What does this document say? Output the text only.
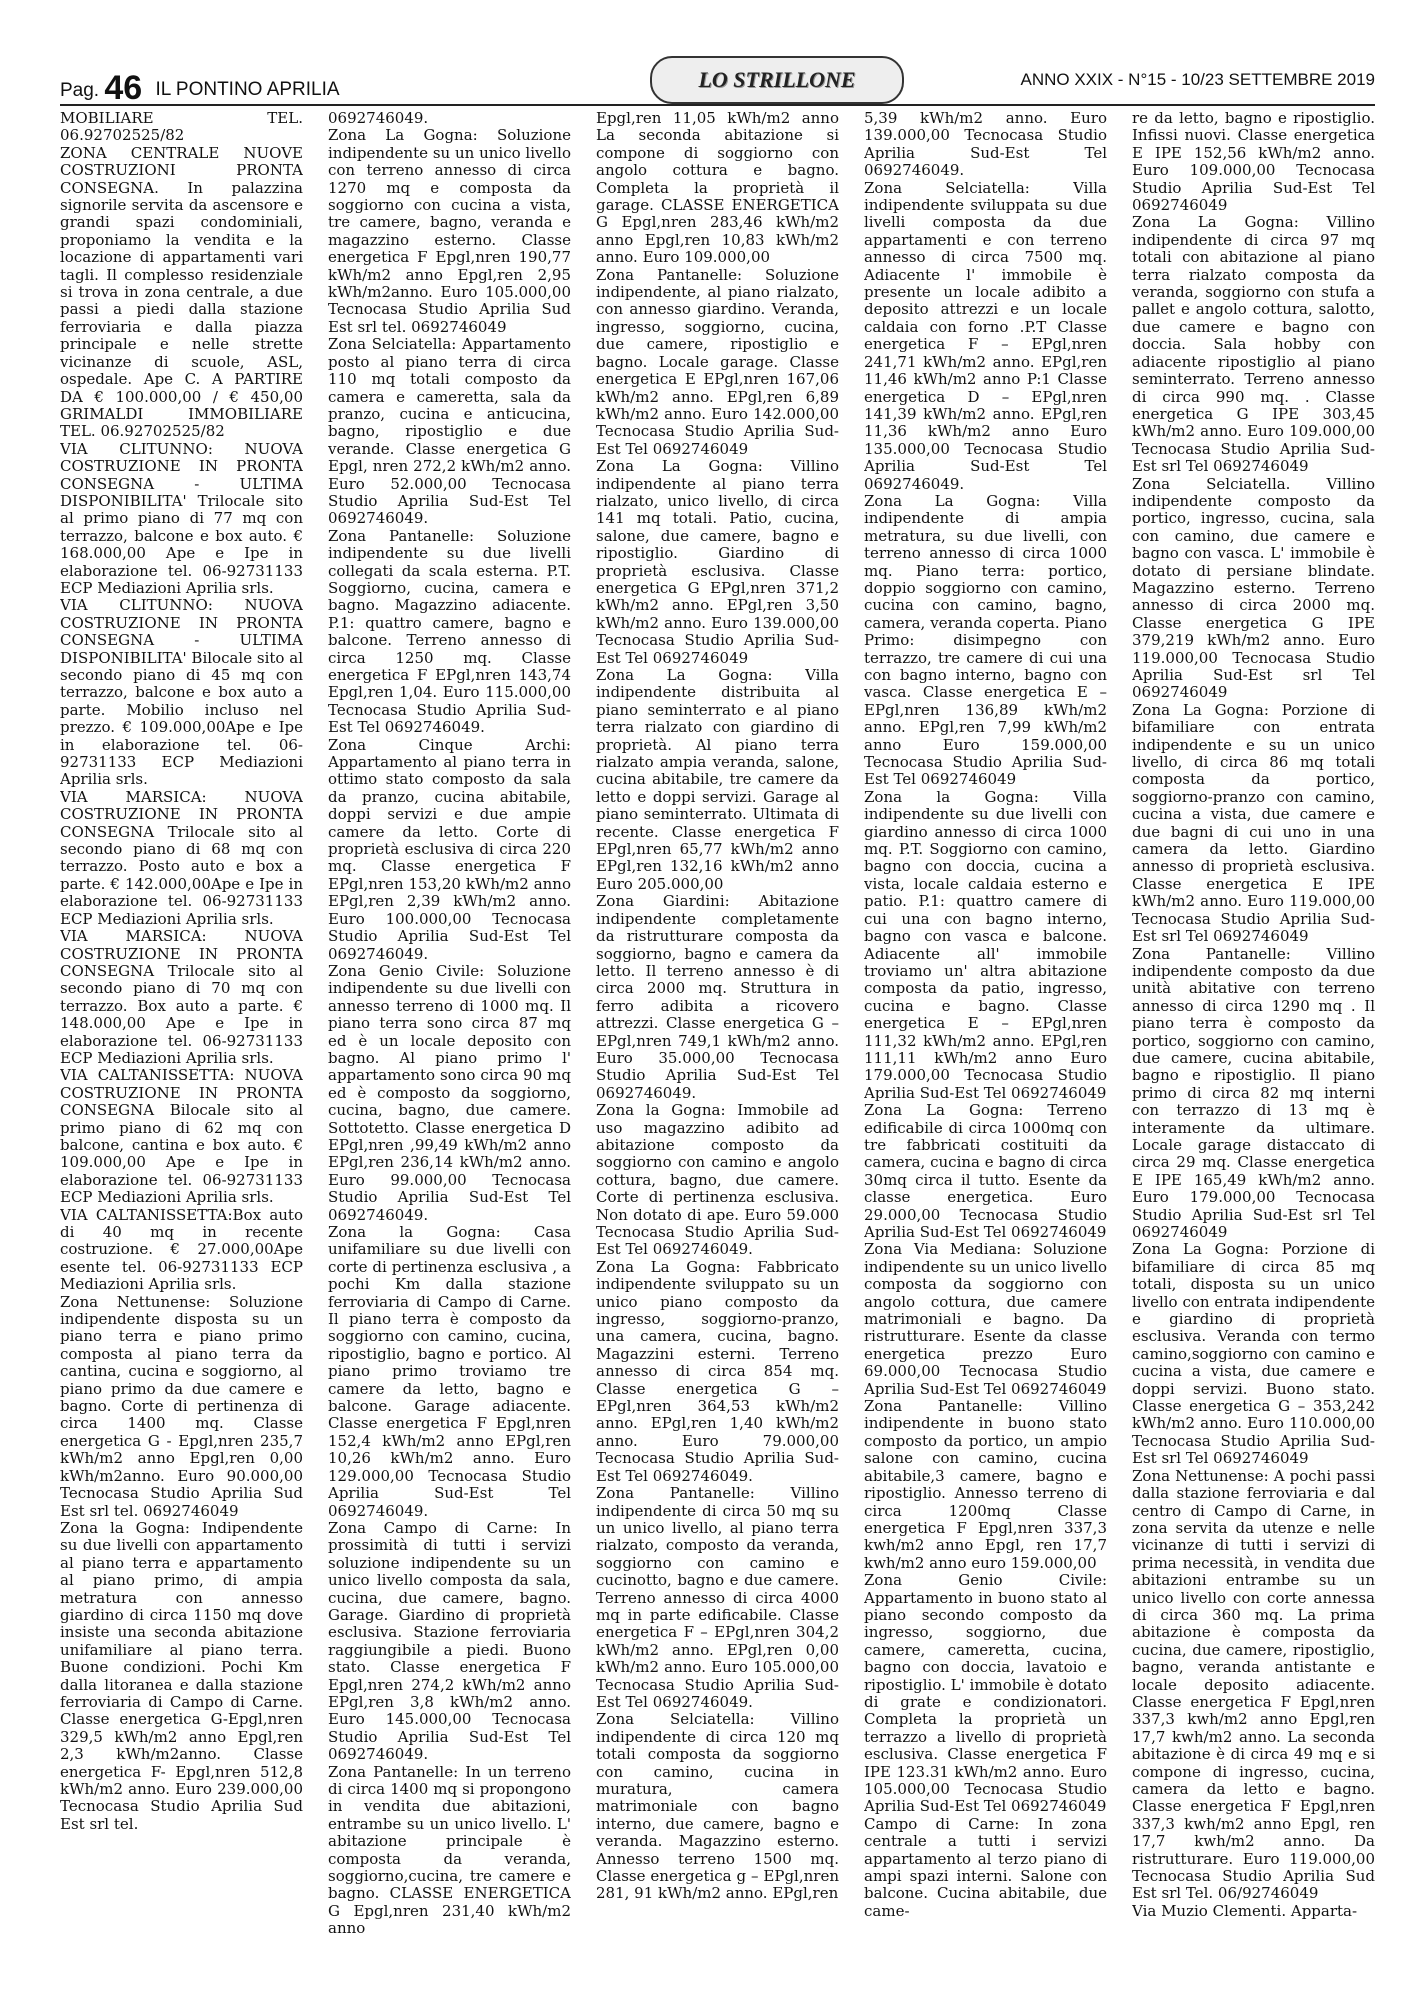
Pag. 46 IL PONTINO APRILIA	LO STRILLONE	ANNO XXIX - N°15 - 10/23 SETTEMBRE 2019

MOBILIARE TEL. 06.92702525/82

ZONA CENTRALE NUOVE COSTRUZIONI PRONTA CONSEGNA. In palazzina signorile servita da ascensore e grandi spazi condominiali, proponiamo la vendita e la locazione di appartamenti vari tagli. Il complesso residenziale si trova in zona centrale, a due passi a piedi dalla stazione ferroviaria e dalla piazza principale e nelle strette vicinanze di scuole, ASL, ospedale. Ape C. A PARTIRE DA € 100.000,00 / € 450,00 GRIMALDI IMMOBILIARE TEL. 06.92702525/82

VIA CLITUNNO: NUOVA COSTRUZIONE IN PRONTA CONSEGNA - ULTIMA DISPONIBILITA' Trilocale sito al primo piano di 77 mq con terrazzo, balcone e box auto. € 168.000,00 Ape e Ipe in elaborazione tel. 06-92731133 ECP Mediazioni Aprilia srls.

VIA CLITUNNO: NUOVA COSTRUZIONE IN PRONTA CONSEGNA - ULTIMA DISPONIBILITA' Bilocale sito al secondo piano di 45 mq con terrazzo, balcone e box auto a parte. Mobilio incluso nel prezzo. € 109.000,00Ape e Ipe in elaborazione tel. 06-92731133 ECP Mediazioni Aprilia srls.

VIA MARSICA: NUOVA COSTRUZIONE IN PRONTA CONSEGNA Trilocale sito al secondo piano di 68 mq con terrazzo. Posto auto e box a parte. € 142.000,00Ape e Ipe in elaborazione tel. 06-92731133 ECP Mediazioni Aprilia srls.

VIA MARSICA: NUOVA COSTRUZIONE IN PRONTA CONSEGNA Trilocale sito al secondo piano di 70 mq con terrazzo. Box auto a parte. € 148.000,00 Ape e Ipe in elaborazione tel. 06-92731133 ECP Mediazioni Aprilia srls.

VIA CALTANISSETTA: NUOVA COSTRUZIONE IN PRONTA CONSEGNA Bilocale sito al primo piano di 62 mq con balcone, cantina e box auto. € 109.000,00 Ape e Ipe in elaborazione tel. 06-92731133 ECP Mediazioni Aprilia srls.

VIA CALTANISSETTA:Box auto di 40 mq in recente costruzione. € 27.000,00Ape esente tel. 06-92731133 ECP Mediazioni Aprilia srls.

Zona Nettunense: Soluzione indipendente disposta su un piano terra e piano primo composta al piano terra da cantina, cucina e soggiorno, al piano primo da due camere e bagno. Corte di pertinenza di circa 1400 mq. Classe energetica G - Epgl,nren 235,7 kWh/m2 anno Epgl,ren 0,00 kWh/m2anno. Euro 90.000,00 Tecnocasa Studio Aprilia Sud Est srl tel. 0692746049

Zona la Gogna: Indipendente su due livelli con appartamento al piano terra e appartamento al piano primo, di ampia metratura con annesso giardino di circa 1150 mq dove insiste una seconda abitazione unifamiliare al piano terra. Buone condizioni. Pochi Km dalla litoranea e dalla stazione ferroviaria di Campo di Carne. Classe energetica G-Epgl,nren 329,5 kWh/m2 anno Epgl,ren 2,3 kWh/m2anno. Classe energetica F- Epgl,nren 512,8 kWh/m2 anno. Euro 239.000,00 Tecnocasa Studio Aprilia Sud Est srl tel.

0692746049.

Zona La Gogna: Soluzione indipendente su un unico livello con terreno annesso di circa 1270 mq e composta da soggiorno con cucina a vista, tre camere, bagno, veranda e magazzino esterno. Classe energetica F Epgl,nren 190,77 kWh/m2 anno Epgl,ren 2,95 kWh/m2anno. Euro 105.000,00 Tecnocasa Studio Aprilia Sud Est srl tel. 0692746049

Zona Selciatella: Appartamento posto al piano terra di circa 110 mq totali composto da camera e cameretta, sala da pranzo, cucina e anticucina, bagno, ripostiglio e due verande. Classe energetica G Epgl, nren 272,2 kWh/m2 anno. Euro 52.000,00 Tecnocasa Studio Aprilia Sud-Est Tel 0692746049.

Zona Pantanelle: Soluzione indipendente su due livelli collegati da scala esterna. P.T. Soggiorno, cucina, camera e bagno. Magazzino adiacente. P.1: quattro camere, bagno e balcone. Terreno annesso di circa 1250 mq. Classe energetica F EPgl,nren 143,74 Epgl,ren 1,04. Euro 115.000,00 Tecnocasa Studio Aprilia Sud-Est Tel 0692746049.

Zona Cinque Archi: Appartamento al piano terra in ottimo stato composto da sala da pranzo, cucina abitabile, doppi servizi e due ampie camere da letto. Corte di proprietà esclusiva di circa 220 mq. Classe energetica F EPgl,nren 153,20 kWh/m2 anno EPgl,ren 2,39 kWh/m2 anno. Euro 100.000,00 Tecnocasa Studio Aprilia Sud-Est Tel 0692746049.

Zona Genio Civile: Soluzione indipendente su due livelli con annesso terreno di 1000 mq. Il piano terra sono circa 87 mq ed è un locale deposito con bagno. Al piano primo l' appartamento sono circa 90 mq ed è composto da soggiorno, cucina, bagno, due camere. Sottotetto. Classe energetica D EPgl,nren ,99,49 kWh/m2 anno EPgl,ren 236,14 kWh/m2 anno. Euro 99.000,00 Tecnocasa Studio Aprilia Sud-Est Tel 0692746049.

Zona la Gogna: Casa unifamiliare su due livelli con corte di pertinenza esclusiva , a pochi Km dalla stazione ferroviaria di Campo di Carne. Il piano terra è composto da soggiorno con camino, cucina, ripostiglio, bagno e portico. Al piano primo troviamo tre camere da letto, bagno e balcone. Garage adiacente. Classe energetica F Epgl,nren 152,4 kWh/m2 anno EPgl,ren 10,26 kWh/m2 anno. Euro 129.000,00 Tecnocasa Studio Aprilia Sud-Est Tel 0692746049.

Zona Campo di Carne: In prossimità di tutti i servizi soluzione indipendente su un unico livello composta da sala, cucina, due camere, bagno. Garage. Giardino di proprietà esclusiva. Stazione ferroviaria raggiungibile a piedi. Buono stato. Classe energetica F Epgl,nren 274,2 kWh/m2 anno EPgl,ren 3,8 kWh/m2 anno. Euro 145.000,00 Tecnocasa Studio Aprilia Sud-Est Tel 0692746049.

Zona Pantanelle: In un terreno di circa 1400 mq si propongono in vendita due abitazioni, entrambe su un unico livello. L' abitazione principale è composta da veranda, soggiorno,cucina, tre camere e bagno. CLASSE ENERGETICA G Epgl,nren 231,40 kWh/m2 anno

Epgl,ren 11,05 kWh/m2 anno La seconda abitazione si compone di soggiorno con angolo cottura e bagno. Completa la proprietà il garage. CLASSE ENERGETICA G Epgl,nren 283,46 kWh/m2 anno Epgl,ren 10,83 kWh/m2 anno. Euro 109.000,00

Zona Pantanelle: Soluzione indipendente, al piano rialzato, con annesso giardino. Veranda, ingresso, soggiorno, cucina, due camere, ripostiglio e bagno. Locale garage. Classe energetica E EPgl,nren 167,06 kWh/m2 anno. EPgl,ren 6,89 kWh/m2 anno. Euro 142.000,00 Tecnocasa Studio Aprilia Sud-Est Tel 0692746049

Zona La Gogna: Villino indipendente al piano terra rialzato, unico livello, di circa 141 mq totali. Patio, cucina, salone, due camere, bagno e ripostiglio. Giardino di proprietà esclusiva. Classe energetica G EPgl,nren 371,2 kWh/m2 anno. EPgl,ren 3,50 kWh/m2 anno. Euro 139.000,00 Tecnocasa Studio Aprilia Sud-Est Tel 0692746049

Zona La Gogna: Villa indipendente distribuita al piano seminterrato e al piano terra rialzato con giardino di proprietà. Al piano terra rialzato ampia veranda, salone, cucina abitabile, tre camere da letto e doppi servizi. Garage al piano seminterrato. Ultimata di recente. Classe energetica F EPgl,nren 65,77 kWh/m2 anno EPgl,ren 132,16 kWh/m2 anno Euro 205.000,00

Zona Giardini: Abitazione indipendente completamente da ristrutturare composta da soggiorno, bagno e camera da letto. Il terreno annesso è di circa 2000 mq. Struttura in ferro adibita a ricovero attrezzi. Classe energetica G – EPgl,nren 749,1 kWh/m2 anno. Euro 35.000,00 Tecnocasa Studio Aprilia Sud-Est Tel 0692746049.

Zona la Gogna: Immobile ad uso magazzino adibito ad abitazione composto da soggiorno con camino e angolo cottura, bagno, due camere. Corte di pertinenza esclusiva. Non dotato di ape. Euro 59.000 Tecnocasa Studio Aprilia Sud-Est Tel 0692746049.

Zona La Gogna: Fabbricato indipendente sviluppato su un unico piano composto da ingresso, soggiorno-pranzo, una camera, cucina, bagno. Magazzini esterni. Terreno annesso di circa 854 mq. Classe energetica G – EPgl,nren 364,53 kWh/m2 anno. EPgl,ren 1,40 kWh/m2 anno. Euro 79.000,00 Tecnocasa Studio Aprilia Sud-Est Tel 0692746049.

Zona Pantanelle: Villino indipendente di circa 50 mq su un unico livello, al piano terra rialzato, composto da veranda, soggiorno con camino e cucinotto, bagno e due camere. Terreno annesso di circa 4000 mq in parte edificabile. Classe energetica F – EPgl,nren 304,2 kWh/m2 anno. EPgl,ren 0,00 kWh/m2 anno. Euro 105.000,00 Tecnocasa Studio Aprilia Sud-Est Tel 0692746049.

Zona Selciatella: Villino indipendente di circa 120 mq totali composta da soggiorno con camino, cucina in muratura, camera matrimoniale con bagno interno, due camere, bagno e veranda. Magazzino esterno. Annesso terreno 1500 mq. Classe energetica g – EPgl,nren 281, 91 kWh/m2 anno. EPgl,ren

5,39 kWh/m2 anno. Euro 139.000,00 Tecnocasa Studio Aprilia Sud-Est Tel 0692746049.

Zona Selciatella: Villa indipendente sviluppata su due livelli composta da due appartamenti e con terreno annesso di circa 7500 mq. Adiacente l' immobile è presente un locale adibito a deposito attrezzi e un locale caldaia con forno .P.T Classe energetica F – EPgl,nren 241,71 kWh/m2 anno. EPgl,ren 11,46 kWh/m2 anno P:1 Classe energetica D – EPgl,nren 141,39 kWh/m2 anno. EPgl,ren 11,36 kWh/m2 anno Euro 135.000,00 Tecnocasa Studio Aprilia Sud-Est Tel 0692746049.

Zona La Gogna: Villa indipendente di ampia metratura, su due livelli, con terreno annesso di circa 1000 mq. Piano terra: portico, doppio soggiorno con camino, cucina con camino, bagno, camera, veranda coperta. Piano Primo: disimpegno con terrazzo, tre camere di cui una con bagno interno, bagno con vasca. Classe energetica E – EPgl,nren 136,89 kWh/m2 anno. EPgl,ren 7,99 kWh/m2 anno Euro 159.000,00 Tecnocasa Studio Aprilia Sud-Est Tel 0692746049

Zona la Gogna: Villa indipendente su due livelli con giardino annesso di circa 1000 mq. P.T. Soggiorno con camino, bagno con doccia, cucina a vista, locale caldaia esterno e patio. P.1: quattro camere di cui una con bagno interno, bagno con vasca e balcone. Adiacente all' immobile troviamo un' altra abitazione composta da patio, ingresso, cucina e bagno. Classe energetica E – EPgl,nren 111,32 kWh/m2 anno. EPgl,ren 111,11 kWh/m2 anno Euro 179.000,00 Tecnocasa Studio Aprilia Sud-Est Tel 0692746049

Zona La Gogna: Terreno edificabile di circa 1000mq con tre fabbricati costituiti da camera, cucina e bagno di circa 30mq circa il tutto. Esente da classe energetica. Euro 29.000,00 Tecnocasa Studio Aprilia Sud-Est Tel 0692746049

Zona Via Mediana: Soluzione indipendente su un unico livello composta da soggiorno con angolo cottura, due camere matrimoniali e bagno. Da ristrutturare. Esente da classe energetica prezzo Euro 69.000,00 Tecnocasa Studio Aprilia Sud-Est Tel 0692746049

Zona Pantanelle: Villino indipendente in buono stato composto da portico, un ampio salone con camino, cucina abitabile,3 camere, bagno e ripostiglio. Annesso terreno di circa 1200mq Classe energetica F Epgl,nren 337,3 kwh/m2 anno Epgl, ren 17,7 kwh/m2 anno euro 159.000,00

Zona Genio Civile: Appartamento in buono stato al piano secondo composto da ingresso, soggiorno, due camere, cameretta, cucina, bagno con doccia, lavatoio e ripostiglio. L' immobile è dotato di grate e condizionatori. Completa la proprietà un terrazzo a livello di proprietà esclusiva. Classe energetica F IPE 123.31 kWh/m2 anno. Euro 105.000,00 Tecnocasa Studio Aprilia Sud-Est Tel 0692746049

Campo di Carne: In zona centrale a tutti i servizi appartamento al terzo piano di ampi spazi interni. Salone con balcone. Cucina abitabile, due came-

re da letto, bagno e ripostiglio. Infissi nuovi. Classe energetica E IPE 152,56 kWh/m2 anno. Euro 109.000,00 Tecnocasa Studio Aprilia Sud-Est Tel 0692746049

Zona La Gogna: Villino indipendente di circa 97 mq totali con abitazione al piano terra rialzato composta da veranda, soggiorno con stufa a pallet e angolo cottura, salotto, due camere e bagno con doccia. Sala hobby con adiacente ripostiglio al piano seminterrato. Terreno annesso di circa 990 mq. . Classe energetica G IPE 303,45 kWh/m2 anno. Euro 109.000,00 Tecnocasa Studio Aprilia Sud-Est srl Tel 0692746049

Zona Selciatella. Villino indipendente composto da portico, ingresso, cucina, sala con camino, due camere e bagno con vasca. L' immobile è dotato di persiane blindate. Magazzino esterno. Terreno annesso di circa 2000 mq. Classe energetica G IPE 379,219 kWh/m2 anno. Euro 119.000,00 Tecnocasa Studio Aprilia Sud-Est srl Tel 0692746049

Zona La Gogna: Porzione di bifamiliare con entrata indipendente e su un unico livello, di circa 86 mq totali composta da portico, soggiorno-pranzo con camino, cucina a vista, due camere e due bagni di cui uno in una camera da letto. Giardino annesso di proprietà esclusiva. Classe energetica E IPE kWh/m2 anno. Euro 119.000,00 Tecnocasa Studio Aprilia Sud-Est srl Tel 0692746049

Zona Pantanelle: Villino indipendente composto da due unità abitative con terreno annesso di circa 1290 mq . Il piano terra è composto da portico, soggiorno con camino, due camere, cucina abitabile, bagno e ripostiglio. Il piano primo di circa 82 mq interni con terrazzo di 13 mq è interamente da ultimare. Locale garage distaccato di circa 29 mq. Classe energetica E IPE 165,49 kWh/m2 anno. Euro 179.000,00 Tecnocasa Studio Aprilia Sud-Est srl Tel 0692746049

Zona La Gogna: Porzione di bifamiliare di circa 85 mq totali, disposta su un unico livello con entrata indipendente e giardino di proprietà esclusiva. Veranda con termo camino,soggiorno con camino e cucina a vista, due camere e doppi servizi. Buono stato. Classe energetica G – 353,242 kWh/m2 anno. Euro 110.000,00 Tecnocasa Studio Aprilia Sud-Est srl Tel 0692746049

Zona Nettunense: A pochi passi dalla stazione ferroviaria e dal centro di Campo di Carne, in zona servita da utenze e nelle vicinanze di tutti i servizi di prima necessità, in vendita due abitazioni entrambe su un unico livello con corte annessa di circa 360 mq. La prima abitazione è composta da cucina, due camere, ripostiglio, bagno, veranda antistante e locale deposito adiacente. Classe energetica F Epgl,nren 337,3 kwh/m2 anno Epgl,ren 17,7 kwh/m2 anno. La seconda abitazione è di circa 49 mq e si compone di ingresso, cucina, camera da letto e bagno. Classe energetica F Epgl,nren 337,3 kwh/m2 anno Epgl, ren 17,7 kwh/m2 anno. Da ristrutturare. Euro 119.000,00 Tecnocasa Studio Aprilia Sud Est srl Tel. 06/92746049

Via Muzio Clementi. Apparta-
